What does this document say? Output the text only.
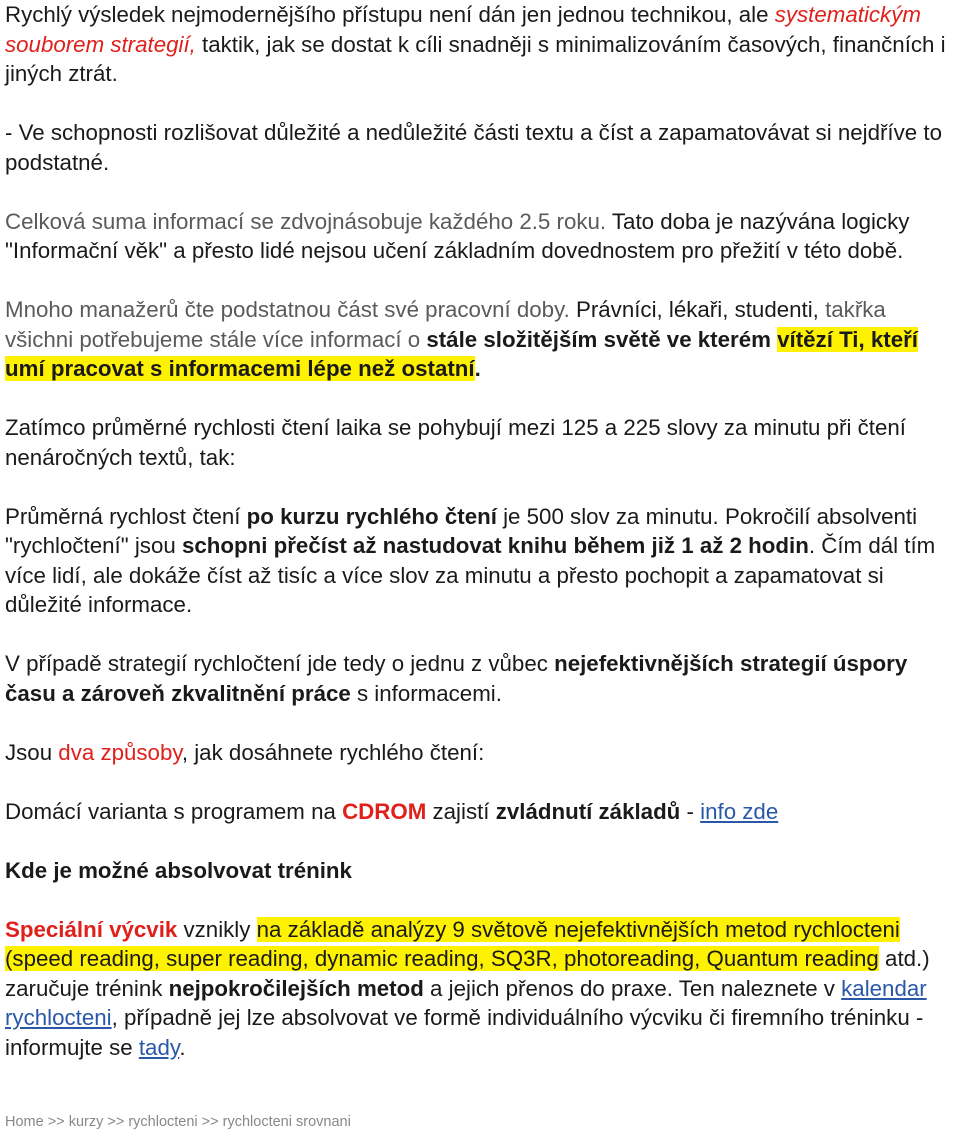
Rychlý výsledek nejmodernějšího přístupu není dán jen jednou technikou, ale systematickým souborem strategií, taktik, jak se dostat k cíli snadněji s minimalizováním časových, finančních i jiných ztrát.

- Ve schopnosti rozlišovat důležité a nedůležité části textu a číst a zapamatovávat si nejdříve to podstatné.

Celková suma informací se zdvojnásobuje každého 2.5 roku. Tato doba je nazývána logicky "Informační věk" a přesto lidé nejsou učení základním dovednostem pro přežití v této době.

Mnoho manažerů čte podstatnou část své pracovní doby. Právníci, lékaři, studenti, takřka všichni potřebujeme stále více informací o stále složitějším světě ve kterém vítězí Ti, kteří umí pracovat s informacemi lépe než ostatní.

Zatímco průměrné rychlosti čtení laika se pohybují mezi 125 a 225 slovy za minutu při čtení nenáročných textů, tak:

Průměrná rychlost čtení po kurzu rychlého čtení je 500 slov za minutu. Pokročilí absolventi "rychločtení" jsou schopni přečíst až nastudovat knihu během již 1 až 2 hodin. Čím dál tím více lidí, ale dokáže číst až tisíc a více slov za minutu a přesto pochopit a zapamatovat si důležité informace.

V případě strategií rychločtení jde tedy o jednu z vůbec nejefektivnějších strategií úspory času a zároveň zkvalitnění práce s informacemi.

Jsou dva způsoby, jak dosáhnete rychlého čtení:

Domácí varianta s programem na CDROM zajistí zvládnutí základů - info zde

Kde je možné absolvovat trénink

Speciální výcvik vznikly na základě analýzy 9 světově nejefektivnějších metod rychlocteni (speed reading, super reading, dynamic reading, SQ3R, photoreading, Quantum reading atd.) zaručuje trénink nejpokročilejších metod a jejich přenos do praxe. Ten naleznete v kalendar rychlocteni, případně jej lze absolvovat ve formě individuálního výcviku či firemního tréninku - informujte se tady.

Home >> kurzy >> rychlocteni >> rychlocteni srovnani
